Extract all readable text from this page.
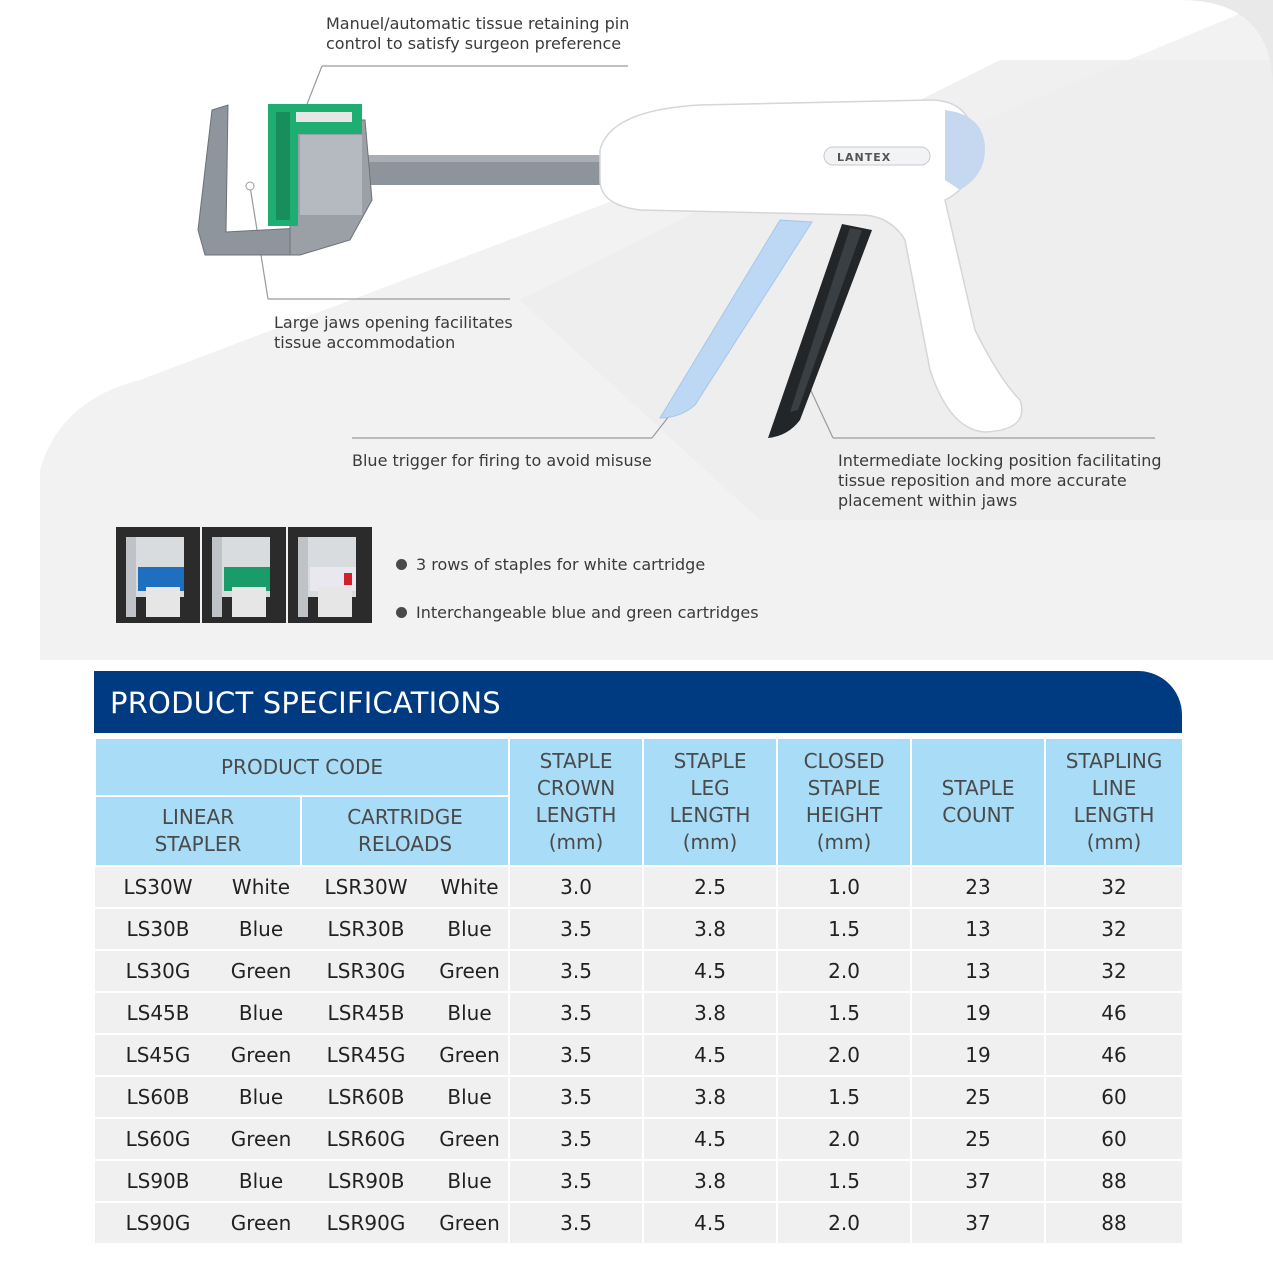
LANTEX
Manuel/automatic tissue retaining pin
control to satisfy surgeon preference
Large jaws opening facilitates
tissue accommodation
Blue trigger for firing to avoid misuse	Intermediate locking position facilitating
tissue reposition and more accurate
placement within jaws
3 rows of staples for white cartridge
Interchangeable blue and green cartridges
PRODUCT SPECIFICATIONS
PRODUCT CODE				STAPLE
CROWN
LENGTH
(mm)	STAPLE
LEG
LENGTH
(mm)	CLOSED
STAPLE
HEIGHT
(mm)	STAPLE
COUNT	STAPLING
LINE
LENGTH
(mm)
LINEAR
STAPLER		CARTRIDGE
RELOADS						
LS30W	White	LSR30W	White	3.0	2.5	1.0	23	32
LS30B	Blue	LSR30B	Blue	3.5	3.8	1.5	13	32
LS30G	Green	LSR30G	Green	3.5	4.5	2.0	13	32
LS45B	Blue	LSR45B	Blue	3.5	3.8	1.5	19	46
LS45G	Green	LSR45G	Green	3.5	4.5	2.0	19	46
LS60B	Blue	LSR60B	Blue	3.5	3.8	1.5	25	60
LS60G	Green	LSR60G	Green	3.5	4.5	2.0	25	60
LS90B	Blue	LSR90B	Blue	3.5	3.8	1.5	37	88
LS90G	Green	LSR90G	Green	3.5	4.5	2.0	37	88
